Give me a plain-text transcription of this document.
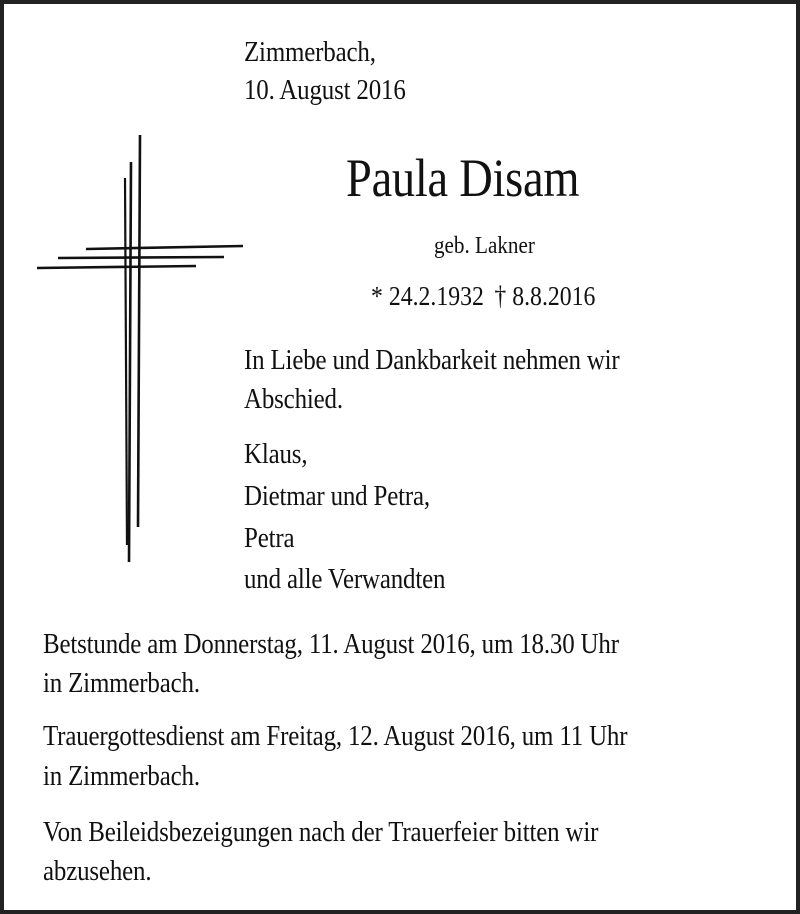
Zimmerbach,
10. August 2016
Paula Disam
geb. Lakner
* 24.2.1932 † 8.8.2016
In Liebe und Dankbarkeit nehmen wir
Abschied.
Klaus,
Dietmar und Petra,
Petra
und alle Verwandten
Betstunde am Donnerstag, 11. August 2016, um 18.30 Uhr
in Zimmerbach.
Trauergottesdienst am Freitag, 12. August 2016, um 11 Uhr
in Zimmerbach.
Von Beileidsbezeigungen nach der Trauerfeier bitten wir
abzusehen.
